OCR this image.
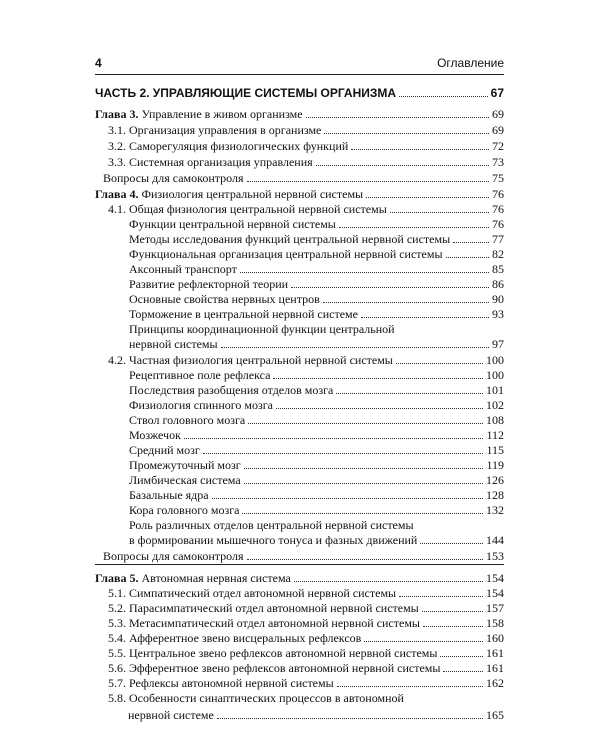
4	Оглавление
ЧАСТЬ 2. УПРАВЛЯЮЩИЕ СИСТЕМЫ ОРГАНИЗМА	67
Глава 3. Управление в живом организме	69
3.1. Организация управления в организме	69
3.2. Саморегуляция физиологических функций	72
3.3. Системная организация управления	73
Вопросы для самоконтроля	75
Глава 4. Физиология центральной нервной системы	76
4.1. Общая физиология центральной нервной системы	76
Функции центральной нервной системы	76
Методы исследования функций центральной нервной системы	77
Функциональная организация центральной нервной системы	82
Аксонный транспорт	85
Развитие рефлекторной теории	86
Основные свойства нервных центров	90
Торможение в центральной нервной системе	93
Принципы координационной функции центральной
нервной системы	97
4.2. Частная физиология центральной нервной системы	100
Рецептивное поле рефлекса	100
Последствия разобщения отделов мозга	101
Физиология спинного мозга	102
Ствол головного мозга	108
Мозжечок	112
Средний мозг	115
Промежуточный мозг	119
Лимбическая система	126
Базальные ядра	128
Кора головного мозга	132
Роль различных отделов центральной нервной системы
в формировании мышечного тонуса и фазных движений	144
Вопросы для самоконтроля	153
Глава 5. Автономная нервная система	154
5.1. Симпатический отдел автономной нервной системы	154
5.2. Парасимпатический отдел автономной нервной системы	157
5.3. Метасимпатический отдел автономной нервной системы	158
5.4. Афферентное звено висцеральных рефлексов	160
5.5. Центральное звено рефлексов автономной нервной системы	161
5.6. Эфферентное звено рефлексов автономной нервной системы	161
5.7. Рефлексы автономной нервной системы	162
5.8. Особенности синаптических процессов в автономной
нервной системе	165
